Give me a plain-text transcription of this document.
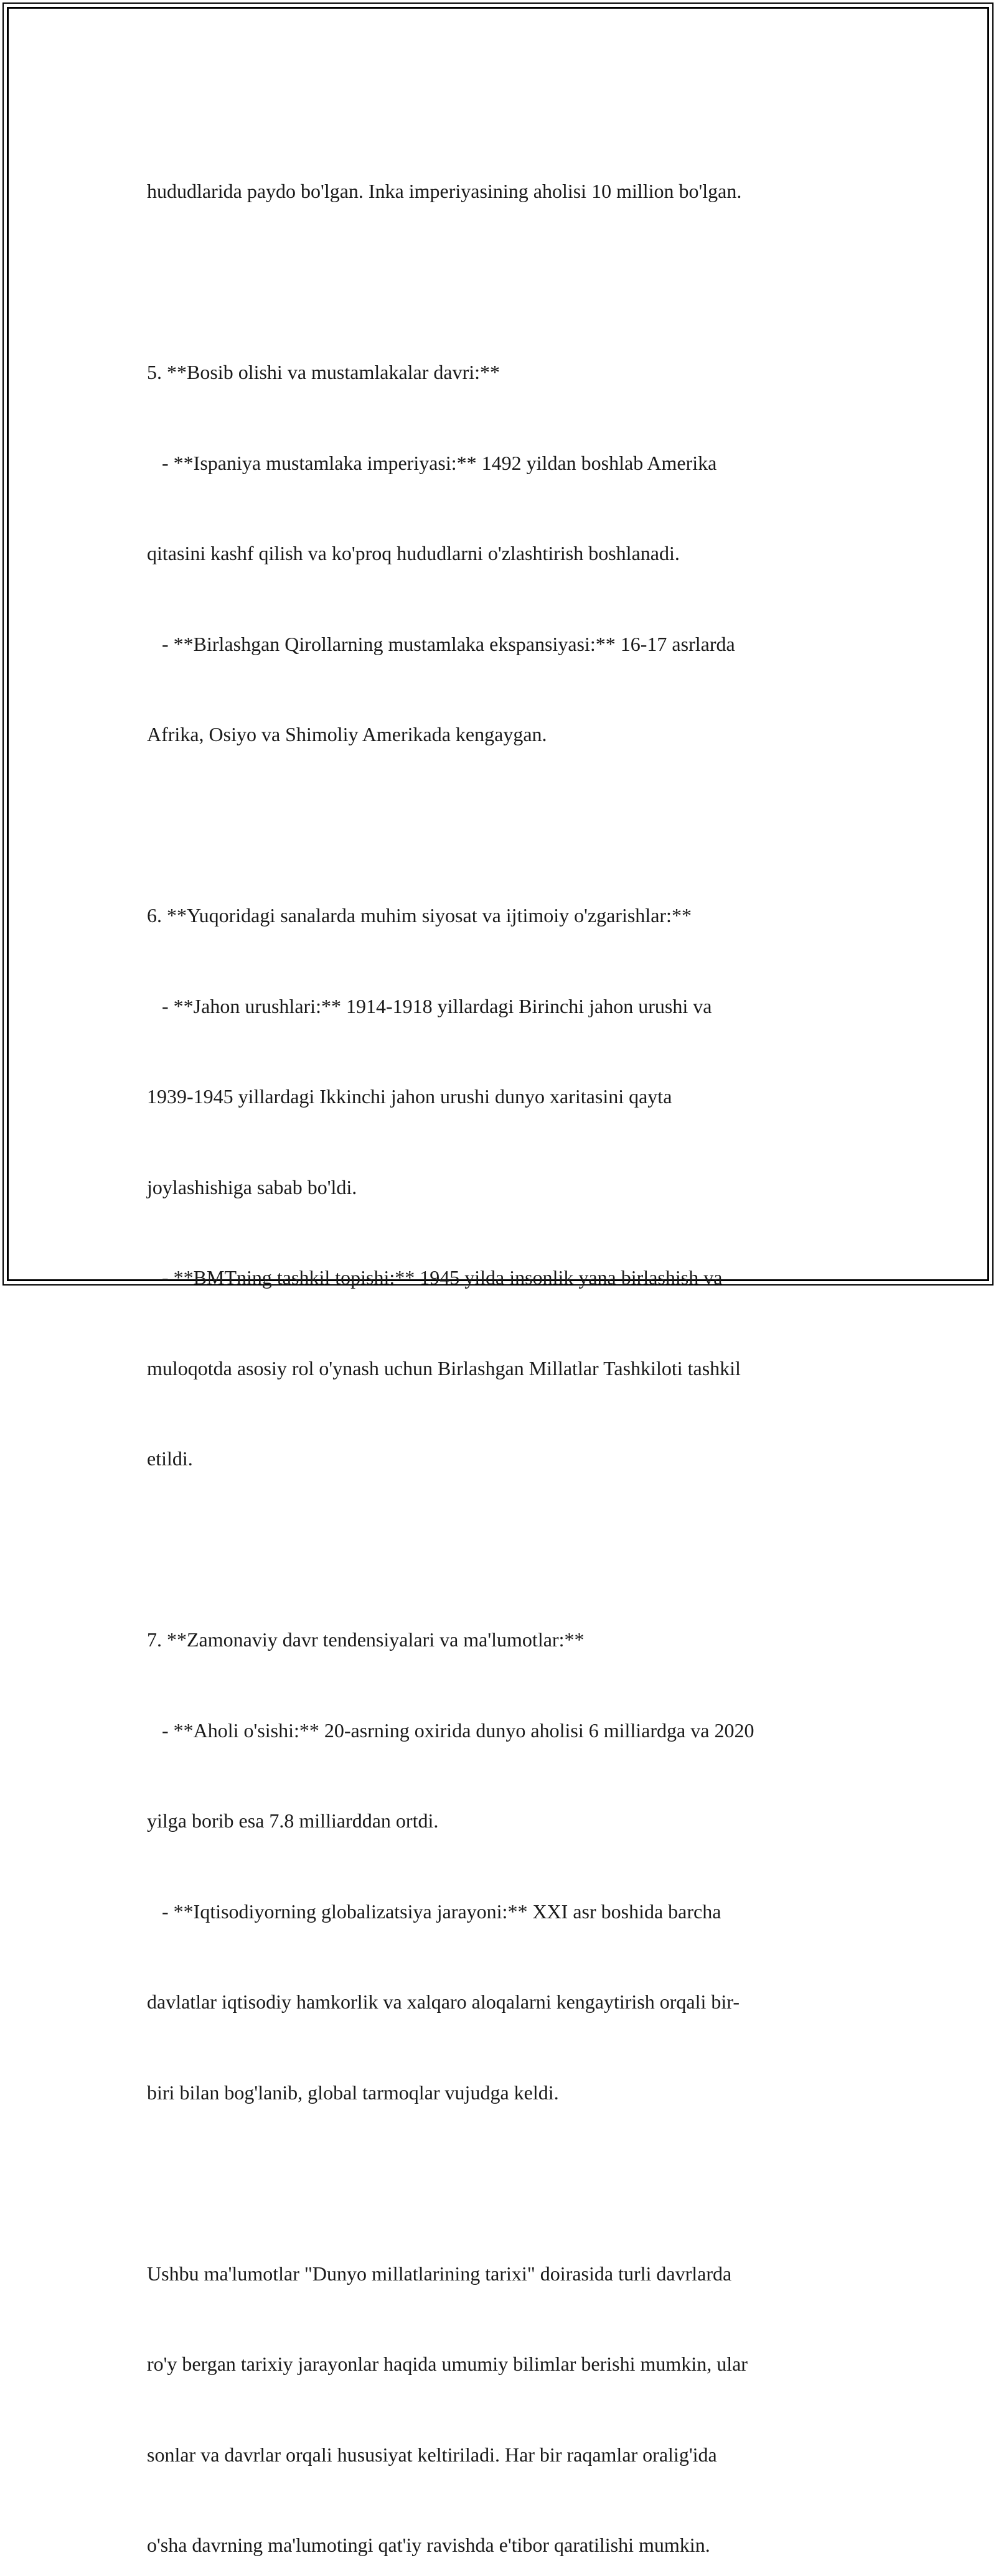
hududlarida paydo bo'lgan. Inka imperiyasining aholisi 10 million bo'lgan.

5. **Bosib olishi va mustamlakalar davri:**

- **Ispaniya mustamlaka imperiyasi:** 1492 yildan boshlab Amerika

qitasini kashf qilish va ko'proq hududlarni o'zlashtirish boshlanadi.

- **Birlashgan Qirollarning mustamlaka ekspansiyasi:** 16-17 asrlarda

Afrika, Osiyo va Shimoliy Amerikada kengaygan.

6. **Yuqoridagi sanalarda muhim siyosat va ijtimoiy o'zgarishlar:**

- **Jahon urushlari:** 1914-1918 yillardagi Birinchi jahon urushi va

1939-1945 yillardagi Ikkinchi jahon urushi dunyo xaritasini qayta

joylashishiga sabab bo'ldi.

- **BMTning tashkil topishi:** 1945 yilda insonlik yana birlashish va

muloqotda asosiy rol o'ynash uchun Birlashgan Millatlar Tashkiloti tashkil

etildi.

7. **Zamonaviy davr tendensiyalari va ma'lumotlar:**

- **Aholi o'sishi:** 20-asrning oxirida dunyo aholisi 6 milliardga va 2020

yilga borib esa 7.8 milliarddan ortdi.

- **Iqtisodiyorning globalizatsiya jarayoni:** XXI asr boshida barcha

davlatlar iqtisodiy hamkorlik va xalqaro aloqalarni kengaytirish orqali bir-

biri bilan bog'lanib, global tarmoqlar vujudga keldi.

Ushbu ma'lumotlar "Dunyo millatlarining tarixi" doirasida turli davrlarda

ro'y bergan tarixiy jarayonlar haqida umumiy bilimlar berishi mumkin, ular

sonlar va davrlar orqali hususiyat keltiriladi. Har bir raqamlar oralig'ida

o'sha davrning ma'lumotingi qat'iy ravishda e'tibor qaratilishi mumkin.
